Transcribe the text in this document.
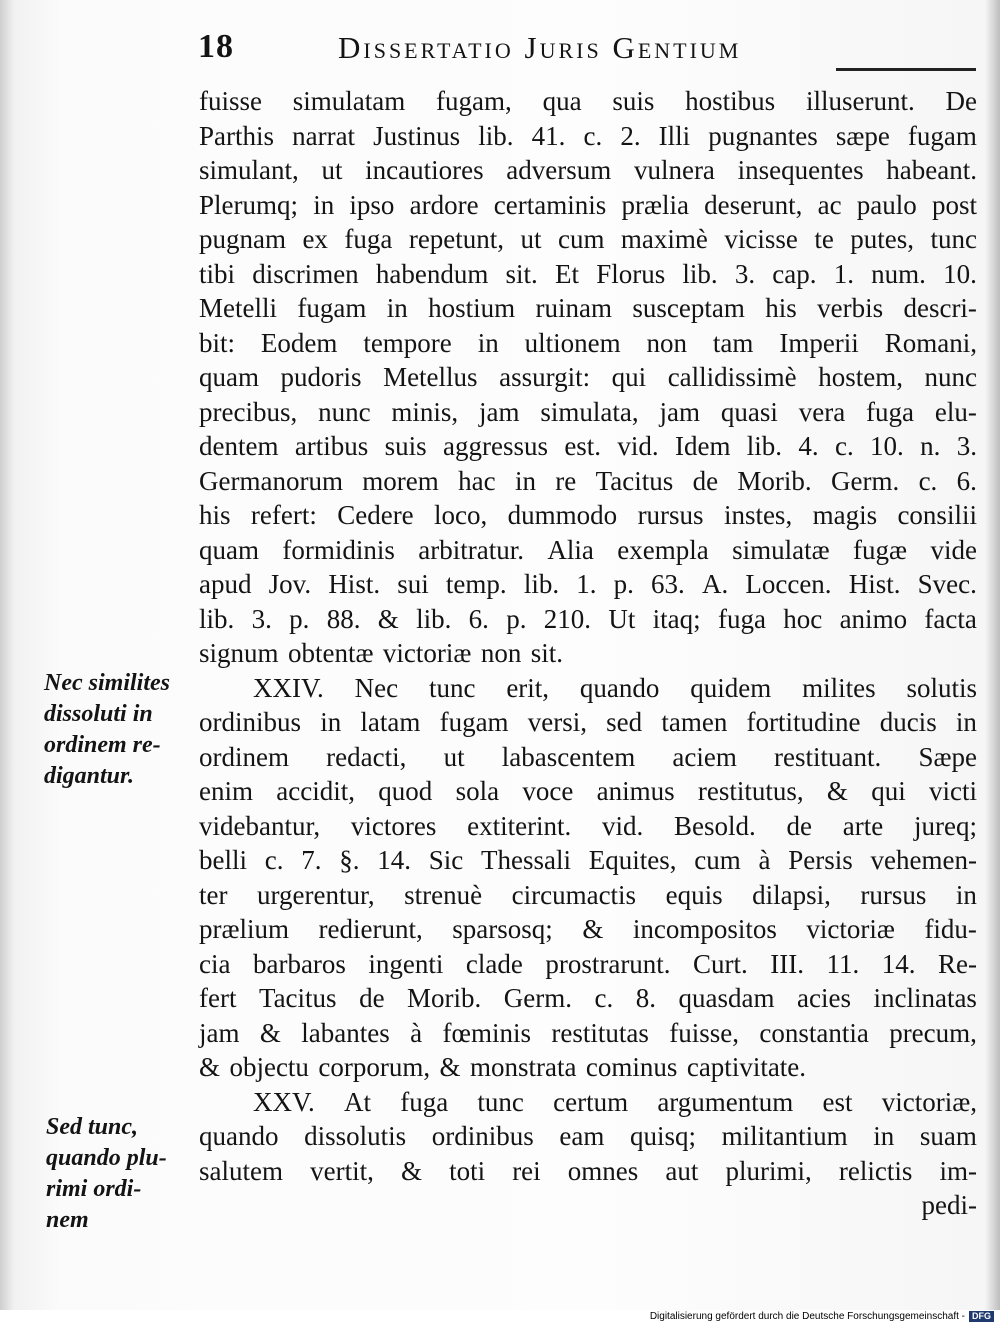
18	Dissertatio Juris Gentium
fuisse simulatam fugam, qua suis hostibus illuserunt. De
Parthis narrat Justinus lib. 41. c. 2. Illi pugnantes sæpe fugam
simulant, ut incautiores adversum vulnera insequentes habeant.
Plerumq; in ipso ardore certaminis prælia deserunt, ac paulo post
pugnam ex fuga repetunt, ut cum maximè vicisse te putes, tunc
tibi discrimen habendum sit. Et Florus lib. 3. cap. 1. num. 10.
Metelli fugam in hostium ruinam susceptam his verbis descri-
bit: Eodem tempore in ultionem non tam Imperii Romani,
quam pudoris Metellus assurgit: qui callidissimè hostem, nunc
precibus, nunc minis, jam simulata, jam quasi vera fuga elu-
dentem artibus suis aggressus est. vid. Idem lib. 4. c. 10. n. 3.
Germanorum morem hac in re Tacitus de Morib. Germ. c. 6.
his refert: Cedere loco, dummodo rursus instes, magis consilii
quam formidinis arbitratur. Alia exempla simulatæ fugæ vide
apud Jov. Hist. sui temp. lib. 1. p. 63. A. Loccen. Hist. Svec.
lib. 3. p. 88. & lib. 6. p. 210. Ut itaq; fuga hoc animo facta
signum obtentæ victoriæ non sit.
XXIV. Nec tunc erit, quando quidem milites solutis
ordinibus in latam fugam versi, sed tamen fortitudine ducis in
ordinem redacti, ut labascentem aciem restituant. Sæpe
enim accidit, quod sola voce animus restitutus, & qui victi
videbantur, victores extiterint. vid. Besold. de arte jureq;
belli c. 7. §. 14. Sic Thessali Equites, cum à Persis vehemen-
ter urgerentur, strenuè circumactis equis dilapsi, rursus in
prælium redierunt, sparsosq; & incompositos victoriæ fidu-
cia barbaros ingenti clade prostrarunt. Curt. III. 11. 14. Re-
fert Tacitus de Morib. Germ. c. 8. quasdam acies inclinatas
jam & labantes à fœminis restitutas fuisse, constantia precum,
& objectu corporum, & monstrata cominus captivitate.
XXV. At fuga tunc certum argumentum est victoriæ,
quando dissolutis ordinibus eam quisq; militantium in suam
salutem vertit, & toti rei omnes aut plurimi, relictis im-
pedi-
Nec similites
dissoluti in
ordinem re-
digantur.
Sed tunc,
quando plu-
rimi ordi-
nem
Digitalisierung gefördert durch die Deutsche Forschungsgemeinschaft - DFG
